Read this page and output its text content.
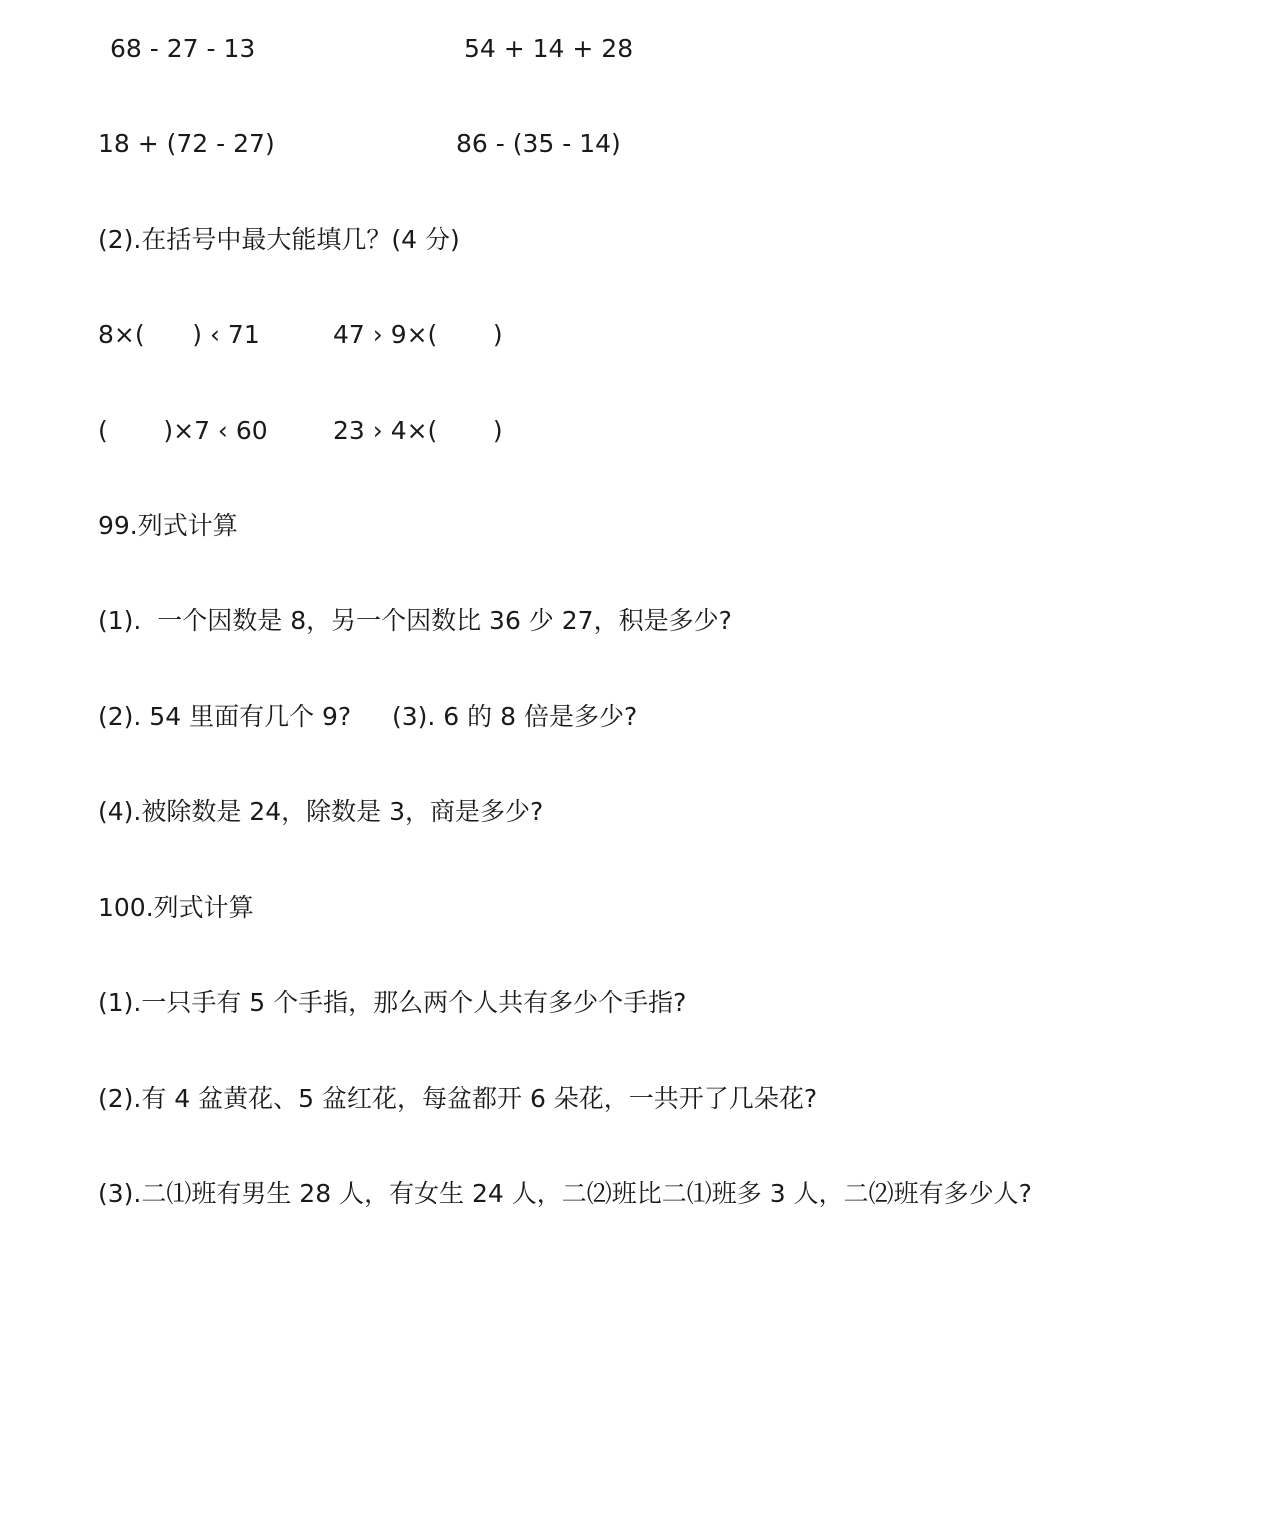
68 - 27 - 13	54 + 14 + 28
18 + (72 - 27)	86 - (35 - 14)
(2).在括号中最大能填几？(4 分)
8×(      ) ‹ 71	47 › 9×(       )
(       )×7 ‹ 60	23 › 4×(       )
99.列式计算
(1).  一个因数是 8，另一个因数比 36 少 27，积是多少?
(2). 54 里面有几个 9? (3). 6 的 8 倍是多少?
(4).被除数是 24，除数是 3，商是多少?
100.列式计算
(1).一只手有 5 个手指，那么两个人共有多少个手指?
(2).有 4 盆黄花、5 盆红花，每盆都开 6 朵花，一共开了几朵花?
(3).二⑴班有男生 28 人，有女生 24 人，二⑵班比二⑴班多 3 人，二⑵班有多少人?
